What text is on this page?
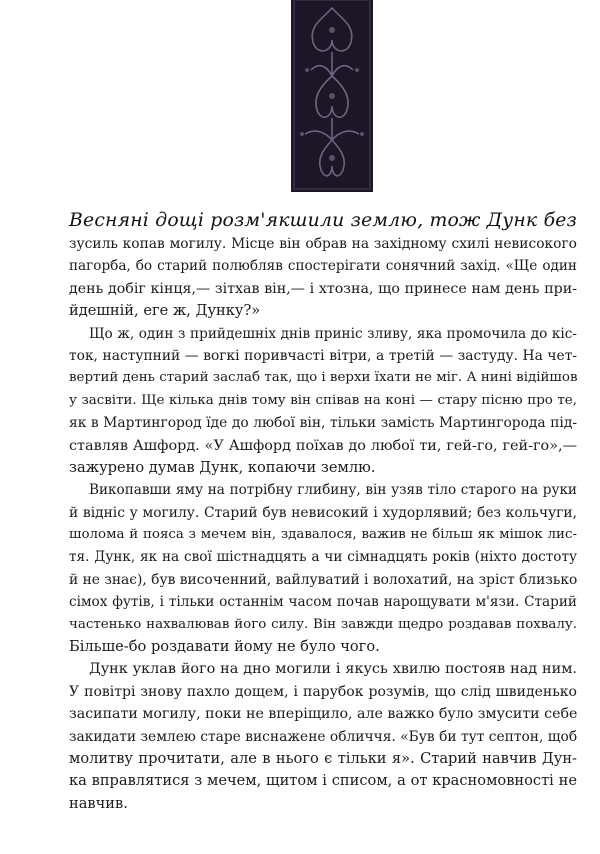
Весняні дощі розм'якшили землю, тож Дунк без
зусиль копав могилу. Місце він обрав на західному схилі невисокого
пагорба, бо старий полюбляв спостерігати сонячний захід. «Ще один
день добіг кінця,— зітхав він,— і хтозна, що принесе нам день при-
йдешній, еге ж, Дунку?»
Що ж, один з прийдешніх днів приніс зливу, яка промочила до кіс-
ток, наступний — вогкі поривчасті вітри, а третій — застуду. На чет-
вертий день старий заслаб так, що і верхи їхати не міг. А нині відійшов
у засвіти. Ще кілька днів тому він співав на коні — стару пісню про те,
як в Мартингород їде до любої він, тільки замість Мартингорода під-
ставляв Ашфорд. «У Ашфорд поїхав до любої ти, гей-го, гей-го»,—
зажурено думав Дунк, копаючи землю.
Викопавши яму на потрібну глибину, він узяв тіло старого на руки
й відніс у могилу. Старий був невисокий і худорлявий; без кольчуги,
шолома й пояса з мечем він, здавалося, важив не більш як мішок лис-
тя. Дунк, як на свої шістнадцять а чи сімнадцять років (ніхто достоту
й не знає), був височенний, вайлуватий і волохатий, на зріст близько
сімох футів, і тільки останнім часом почав нарощувати м'язи. Старий
частенько нахвалював його силу. Він завжди щедро роздавав похвалу.
Більше-бо роздавати йому не було чого.
Дунк уклав його на дно могили і якусь хвилю постояв над ним.
У повітрі знову пахло дощем, і парубок розумів, що слід швиденько
засипати могилу, поки не вперіщило, але важко було змусити себе
закидати землею старе виснажене обличчя. «Був би тут септон, щоб
молитву прочитати, але в нього є тільки я». Старий навчив Дун-
ка вправлятися з мечем, щитом і списом, а от красномовності не
навчив.
